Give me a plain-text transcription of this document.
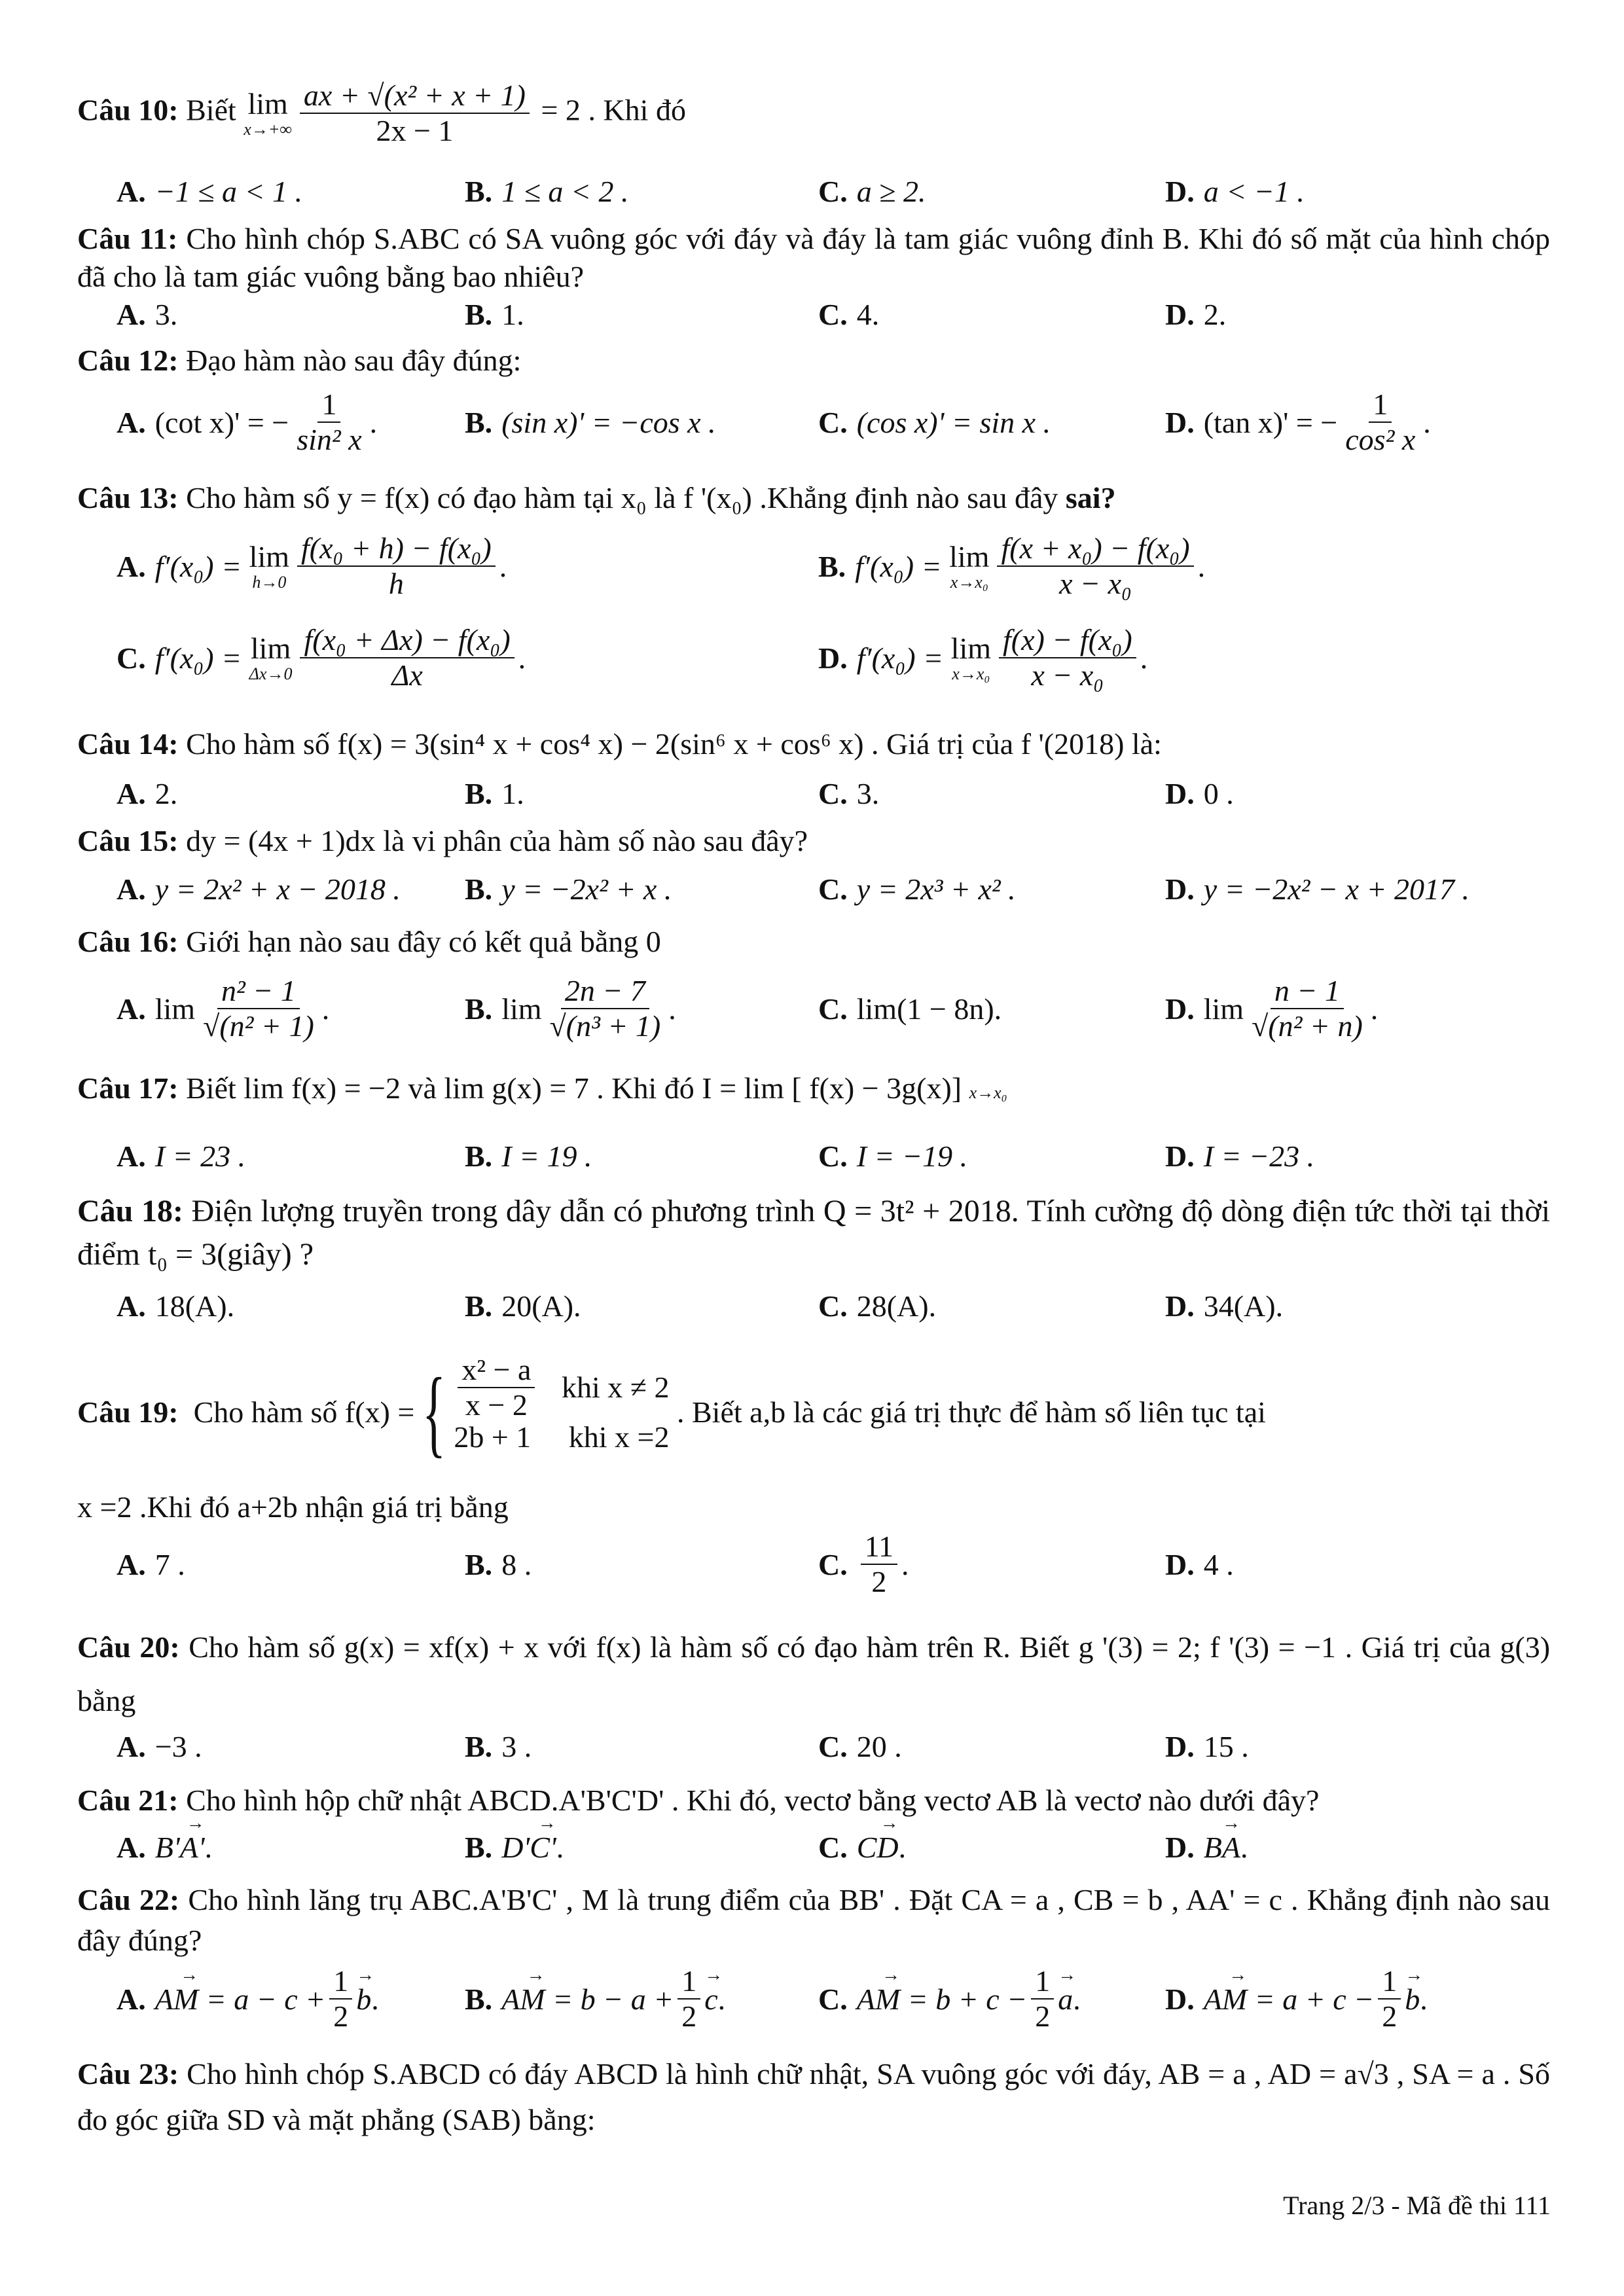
Câu 10: Biết lim
$x\to+\infty \frac{\text{ax + √(x² + x + 1)}}{2x - 1} = 2$ . Khi đó
A. −1 ≤ a < 1 .	B. 1 ≤ a < 2 .	C. a ≥ 2.	D. a < −1 .
Câu 11: Cho hình chóp S.ABC có SA vuông góc với đáy và đáy là tam giác vuông đỉnh B. Khi đó số mặt của hình chóp đã cho là tam giác vuông bằng bao nhiêu?
A. 3.	B. 1.	C. 4.	D. 2.
Câu 12: Đạo hàm nào sau đây đúng:
A. (cot x)' = − $\frac{1}{\text{sin² x}}$ .	B. (sin x)' = −cos x .	C. (cos x)' = sin x .	D. (tan x)' = − $\frac{1}{\text{cos² x}}$ .
Câu 13: Cho hàm số y = f(x) có đạo hàm tại x₀ là f '(x₀) .Khẳng định nào sau đây sai?
A. f′(x₀) =
lim
$h\to 0 \frac{\text{f(x₀ + h) − f(x₀)}}{h}$ .	B. f′(x₀) =
lim
$x\to x_0 \frac{\text{f(x + x₀) − f(x₀)}}{\text{x − x₀}}$ .
C. f′(x₀) =
lim
$\Delta x\to 0 \frac{\text{f(x₀ + Δx) − f(x₀)}}{\Delta x}$ .	D. f′(x₀) =
lim
$x\to x_0 \frac{\text{f(x) − f(x₀)}}{\text{x − x₀}}$ .
Câu 14: Cho hàm số f(x) = 3(sin⁴ x + cos⁴ x) − 2(sin⁶ x + cos⁶ x) . Giá trị của f '(2018) là:
A. 2.	B. 1.	C. 3.	D. 0 .
Câu 15: dy = (4x + 1)dx là vi phân của hàm số nào sau đây?
A. y = 2x² + x − 2018 . B. y = −2x² + x .	C. y = 2x³ + x² .	D. y = −2x² − x + 2017 .
Câu 16: Giới hạn nào sau đây có kết quả bằng 0
A. $\lim \frac{\text{n² − 1}}{\text{√(n² + 1)}}$ .	B. $\lim \frac{2n - 7}{\text{√(n³ + 1)}}$ .	C. lim(1 − 8n).	D. $\lim \frac{n - 1}{\text{√(n² + n)}}$ .
Câu 17: Biết lim f(x) = −2 và lim g(x) = 7 . Khi đó I = lim [ f(x) − 3g(x)] x→x₀
A. I = 23 .	B. I = 19 .	C. I = −19 .	D. I = −23 .
Câu 18: Điện lượng truyền trong dây dẫn có phương trình Q = 3t² + 2018. Tính cường độ dòng điện tức thời tại thời điểm t₀ = 3(giây) ?
A. 18(A).	B. 20(A).	C. 28(A).	D. 34(A).
Câu 19:
Cho hàm số f(x) = { $\frac{\text{x² − a}}{x - 2}$
khi x ≠ 2
2b + 1
khi x =2

. Biết a,b là các giá trị thực để hàm số liên tục tại
x =2 .Khi đó a+2b nhận giá trị bằng
A. 7 .	B. 8 .	C. $\frac{11}{2}$ .	D. 4 .
Câu 20: Cho hàm số g(x) = xf(x) + x với f(x) là hàm số có đạo hàm trên R. Biết g '(3) = 2; f '(3) = −1 . Giá trị của g(3) bằng
A. −3 .	B. 3 .	C. 20 .	D. 15 .
Câu 21: Cho hình hộp chữ nhật ABCD.A'B'C'D' . Khi đó, vectơ bằng vectơ AB là vectơ nào dưới đây?
A.
→ B'A' .	B.
→ D'C' .	C.
→ CD .	D.
→ BA .
Câu 22: Cho hình lăng trụ ABC.A'B'C' , M là trung điểm của BB' . Đặt CA = a , CB = b , AA' = c . Khẳng định nào sau đây đúng?
A.
→ AM
= $a - c + \frac{1}{2}$
→ b .	B.
→ AM
= $b - a + \frac{1}{2}$
→ c .	C.
→ AM
= $b + c - \frac{1}{2}$
→ a .	D.
→ AM
= $a + c - \frac{1}{2}$
→ b .
Câu 23: Cho hình chóp S.ABCD có đáy ABCD là hình chữ nhật, SA vuông góc với đáy, AB = a , AD = a√3 , SA = a . Số đo góc giữa SD và mặt phẳng (SAB) bằng:
Trang 2/3 - Mã đề thi 111
